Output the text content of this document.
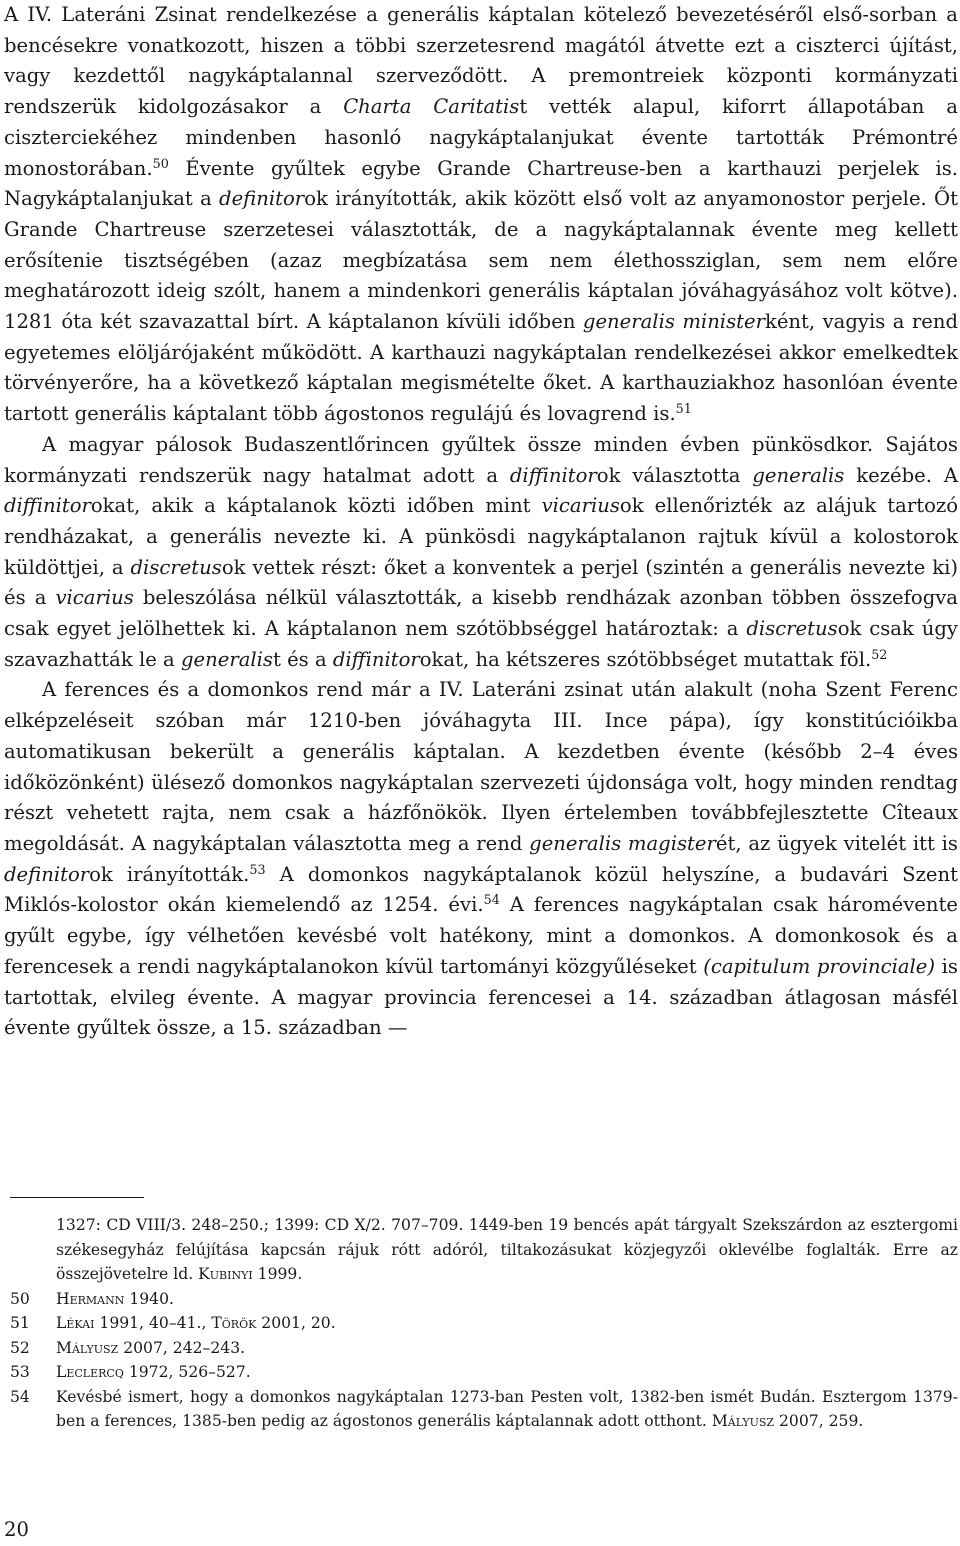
A IV. Lateráni Zsinat rendelkezése a generális káptalan kötelező bevezetéséről első-sorban a bencésekre vonatkozott, hiszen a többi szerzetesrend magától átvette ezt a ciszterci újítást, vagy kezdettől nagykáptalannal szerveződött. A premontreiek központi kormányzati rendszerük kidolgozásakor a Charta Caritatist vették alapul, kiforrt állapotában a ciszterciekéhez mindenben hasonló nagykáptalanjukat évente tartották Prémontré monostorában.$^{50}$ Évente gyűltek egybe Grande Chartreuse-ben a karthauzi perjelek is. Nagykáptalanjukat a definitorok irányították, akik között első volt az anyamonostor perjele. Őt Grande Chartreuse szerzetesei választották, de a nagykáptalannak évente meg kellett erősítenie tisztségében (azaz megbízatása sem nem élethossziglan, sem nem előre meghatározott ideig szólt, hanem a mindenkori generális káptalan jóváhagyásához volt kötve). 1281 óta két szavazattal bírt. A káptalanon kívüli időben generalis ministerként, vagyis a rend egyetemes elöljárójaként működött. A karthauzi nagykáptalan rendelkezései akkor emelkedtek törvényerőre, ha a következő káptalan megismételte őket. A karthauziakhoz hasonlóan évente tartott generális káptalant több ágostonos regulájú és lovagrend is.$^{51}$

A magyar pálosok Budaszentlőrincen gyűltek össze minden évben pünkösdkor. Sajátos kormányzati rendszerük nagy hatalmat adott a diffinitorok választotta generalis kezébe. A diffinitorokat, akik a káptalanok közti időben mint vicariusok ellenőrizték az alájuk tartozó rendházakat, a generális nevezte ki. A pünkösdi nagykáptalanon rajtuk kívül a kolostorok küldöttjei, a discretusok vettek részt: őket a konventek a perjel (szintén a generális nevezte ki) és a vicarius beleszólása nélkül választották, a kisebb rendházak azonban többen összefogva csak egyet jelölhettek ki. A káptalanon nem szótöbbséggel határoztak: a discretusok csak úgy szavazhatták le a generalist és a diffinitorokat, ha kétszeres szótöbbséget mutattak föl.$^{52}$

A ferences és a domonkos rend már a IV. Lateráni zsinat után alakult (noha Szent Ferenc elképzeléseit szóban már 1210-ben jóváhagyta III. Ince pápa), így konstitúcióikba automatikusan bekerült a generális káptalan. A kezdetben évente (később 2–4 éves időközönként) ülésező domonkos nagykáptalan szervezeti újdonsága volt, hogy minden rendtag részt vehetett rajta, nem csak a házfőnökök. Ilyen értelemben továbbfejlesztette Cîteaux megoldását. A nagykáptalan választotta meg a rend generalis magisterét, az ügyek vitelét itt is definitorok irányították.$^{53}$ A domonkos nagykáptalanok közül helyszíne, a budavári Szent Miklós-kolostor okán kiemelendő az 1254. évi.$^{54}$ A ferences nagykáptalan csak háromévente gyűlt egybe, így vélhetően kevésbé volt hatékony, mint a domonkos. A domonkosok és a ferencesek a rendi nagykáptalanokon kívül tartományi közgyűléseket (capitulum provinciale) is tartottak, elvileg évente. A magyar provincia ferencesei a 14. században átlagosan másfél évente gyűltek össze, a 15. században —

1327: CD VIII/3. 248–250.; 1399: CD X/2. 707–709. 1449-ben 19 bencés apát tárgyalt Szekszárdon az esztergomi székesegyház felújítása kapcsán rájuk rótt adóról, tiltakozásukat közjegyzői oklevélbe foglalták. Erre az összejövetelre ld. Kubinyi 1999.
50	Hermann 1940.
51	Lékai 1991, 40–41., Török 2001, 20.
52	Mályusz 2007, 242–243.
53	Leclercq 1972, 526–527.
54	Kevésbé ismert, hogy a domonkos nagykáptalan 1273-ban Pesten volt, 1382-ben ismét Budán. Esztergom 1379-ben a ferences, 1385-ben pedig az ágostonos generális káptalannak adott otthont. Mályusz 2007, 259.
20
